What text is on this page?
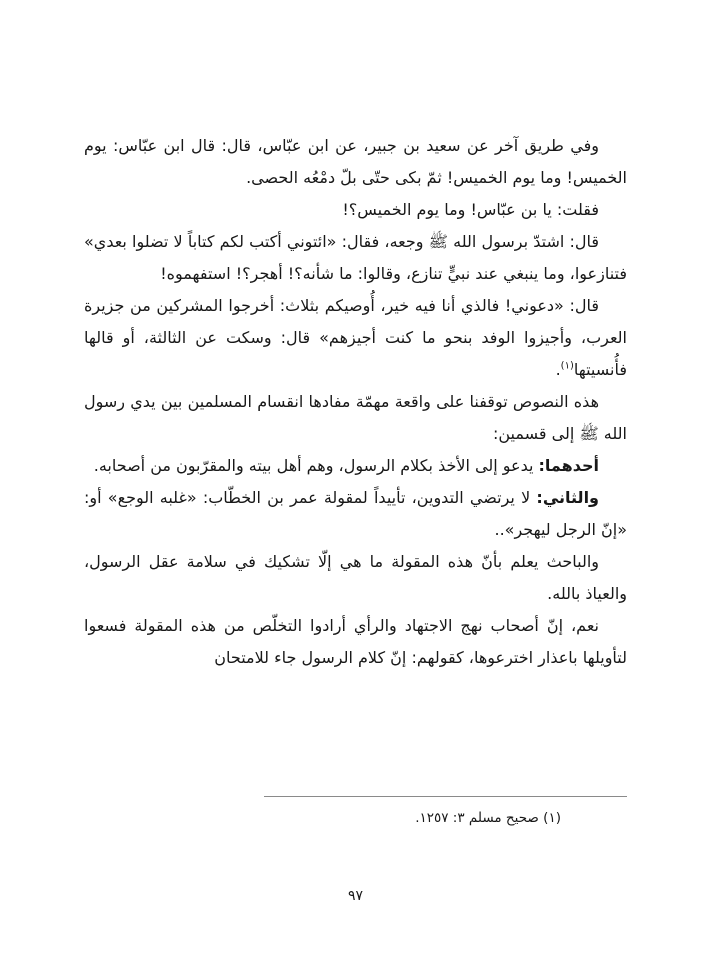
وفي طريق آخر عن سعيد بن جبير، عن ابن عبّاس، قال: قال ابن عبّاس: يوم الخميس! وما يوم الخميس! ثمّ بكى حتّى بلّ دمْعُه الحصى.

فقلت: يا بن عبّاس! وما يوم الخميس؟!

قال: اشتدّ برسول الله ﷺ وجعه، فقال: «ائتوني أكتب لكم كتاباً لا تضلوا بعدي» فتنازعوا، وما ينبغي عند نبيٍّ تنازع، وقالوا: ما شأنه؟! أهجر؟! استفهموه!

قال: «دعوني! فالذي أنا فيه خير، أُوصيكم بثلاث: أخرجوا المشركين من جزيرة العرب، وأجيزوا الوفد بنحو ما كنت أجيزهم» قال: وسكت عن الثالثة، أو قالها فأُنسيتها$^{(١)}$.

هذه النصوص توقفنا على واقعة مهمّة مفادها انقسام المسلمين بين يدي رسول الله ﷺ إلى قسمين:

أحدهما: يدعو إلى الأخذ بكلام الرسول، وهم أهل بيته والمقرّبون من أصحابه.

والثاني: لا يرتضي التدوين، تأييداً لمقولة عمر بن الخطّاب: «غلبه الوجع» أو: «إنّ الرجل ليهجر»..

والباحث يعلم بأنّ هذه المقولة ما هي إلّا تشكيك في سلامة عقل الرسول، والعياذ بالله.

نعم، إنّ أصحاب نهج الاجتهاد والرأي أرادوا التخلّص من هذه المقولة فسعوا لتأويلها باعذار اخترعوها، كقولهم: إنّ كلام الرسول جاء للامتحان

(١) صحيح مسلم ٣: ١٢٥٧.
٩٧
